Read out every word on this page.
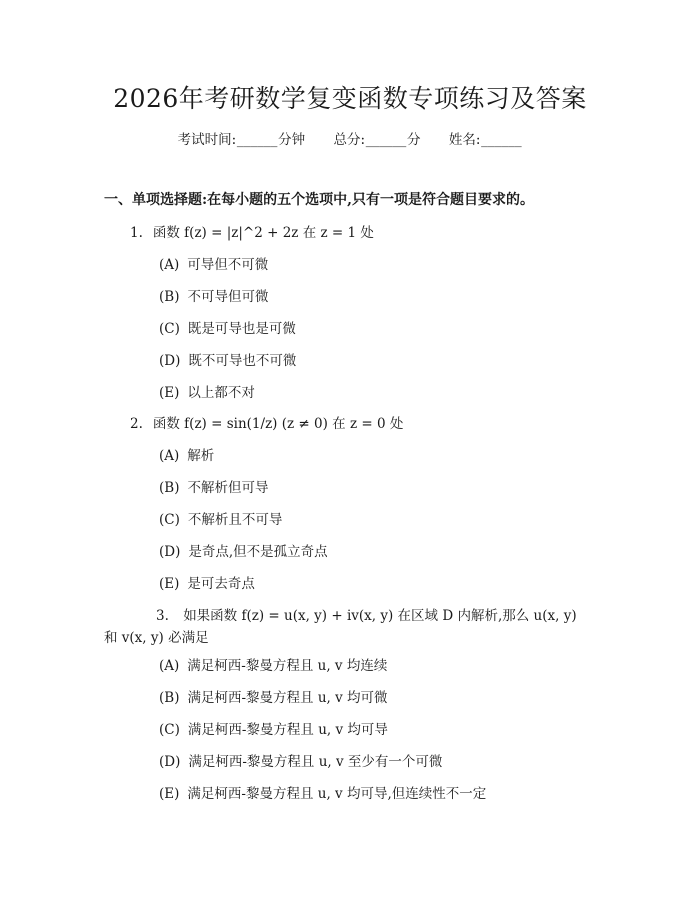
2026年考研数学复变函数专项练习及答案
考试时间:______分钟 总分:______分 姓名:______
一、单项选择题:在每小题的五个选项中,只有一项是符合题目要求的。
1. 函数 f(z) = |z|^2 + 2z 在 z = 1 处
(A) 可导但不可微
(B) 不可导但可微
(C) 既是可导也是可微
(D) 既不可导也不可微
(E) 以上都不对
2. 函数 f(z) = sin(1/z) (z ≠ 0) 在 z = 0 处
(A) 解析
(B) 不解析但可导
(C) 不解析且不可导
(D) 是奇点,但不是孤立奇点
(E) 是可去奇点
3. 如果函数 f(z) = u(x, y) + iv(x, y) 在区域 D 内解析,那么 u(x, y) 和 v(x, y) 必满足
(A) 满足柯西-黎曼方程且 u, v 均连续
(B) 满足柯西-黎曼方程且 u, v 均可微
(C) 满足柯西-黎曼方程且 u, v 均可导
(D) 满足柯西-黎曼方程且 u, v 至少有一个可微
(E) 满足柯西-黎曼方程且 u, v 均可导,但连续性不一定
